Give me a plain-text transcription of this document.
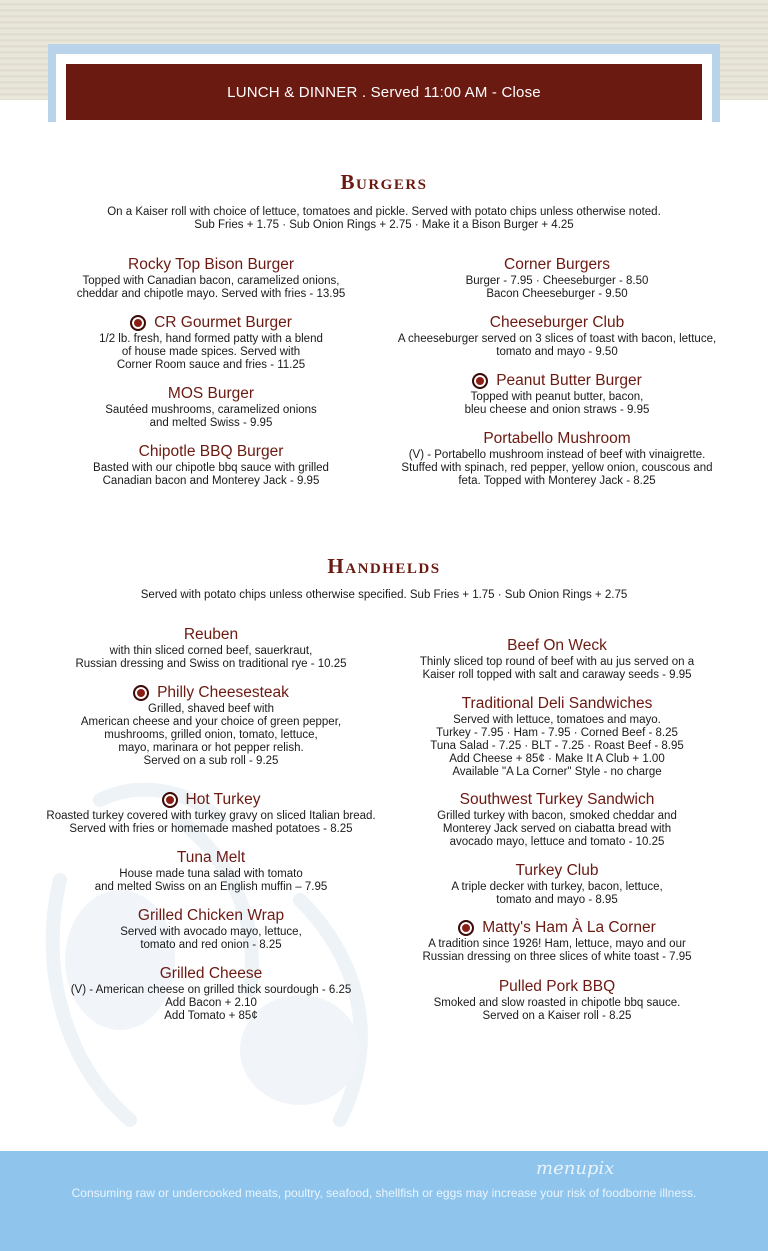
LUNCH & DINNER . Served 11:00 AM - Close
Burgers
On a Kaiser roll with choice of lettuce, tomatoes and pickle. Served with potato chips unless otherwise noted.
Sub Fries + 1.75 · Sub Onion Rings + 2.75 · Make it a Bison Burger + 4.25
Rocky Top Bison Burger
Topped with Canadian bacon, caramelized onions,
cheddar and chipotle mayo. Served with fries - 13.95
CR Gourmet Burger
1/2 lb. fresh, hand formed patty with a blend
of house made spices. Served with
Corner Room sauce and fries - 11.25
MOS Burger
Sautéed mushrooms, caramelized onions
and melted Swiss - 9.95
Chipotle BBQ Burger
Basted with our chipotle bbq sauce with grilled
Canadian bacon and Monterey Jack - 9.95
Corner Burgers
Burger - 7.95 · Cheeseburger - 8.50
Bacon Cheeseburger - 9.50
Cheeseburger Club
A cheeseburger served on 3 slices of toast with bacon, lettuce,
tomato and mayo - 9.50
Peanut Butter Burger
Topped with peanut butter, bacon,
bleu cheese and onion straws - 9.95
Portabello Mushroom
(V) - Portabello mushroom instead of beef with vinaigrette.
Stuffed with spinach, red pepper, yellow onion, couscous and
feta. Topped with Monterey Jack - 8.25
Handhelds
Served with potato chips unless otherwise specified. Sub Fries + 1.75 · Sub Onion Rings + 2.75
Reuben
with thin sliced corned beef, sauerkraut,
Russian dressing and Swiss on traditional rye - 10.25
Philly Cheesesteak
Grilled, shaved beef with
American cheese and your choice of green pepper,
mushrooms, grilled onion, tomato, lettuce,
mayo, marinara or hot pepper relish.
Served on a sub roll - 9.25
Hot Turkey
Roasted turkey covered with turkey gravy on sliced Italian bread.
Served with fries or homemade mashed potatoes - 8.25
Tuna Melt
House made tuna salad with tomato
and melted Swiss on an English muffin – 7.95
Grilled Chicken Wrap
Served with avocado mayo, lettuce,
tomato and red onion - 8.25
Grilled Cheese
(V) - American cheese on grilled thick sourdough - 6.25
Add Bacon + 2.10
Add Tomato + 85¢
Beef On Weck
Thinly sliced top round of beef with au jus served on a
Kaiser roll topped with salt and caraway seeds - 9.95
Traditional Deli Sandwiches
Served with lettuce, tomatoes and mayo.
Turkey - 7.95 · Ham - 7.95 · Corned Beef - 8.25
Tuna Salad - 7.25 · BLT - 7.25 · Roast Beef - 8.95
Add Cheese + 85¢ · Make It A Club + 1.00
Available "A La Corner" Style - no charge
Southwest Turkey Sandwich
Grilled turkey with bacon, smoked cheddar and
Monterey Jack served on ciabatta bread with
avocado mayo, lettuce and tomato - 10.25
Turkey Club
A triple decker with turkey, bacon, lettuce,
tomato and mayo - 8.95
Matty's Ham À La Corner
A tradition since 1926! Ham, lettuce, mayo and our
Russian dressing on three slices of white toast - 7.95
Pulled Pork BBQ
Smoked and slow roasted in chipotle bbq sauce.
Served on a Kaiser roll - 8.25
menupix
Consuming raw or undercooked meats, poultry, seafood, shellfish or eggs may increase your risk of foodborne illness.
